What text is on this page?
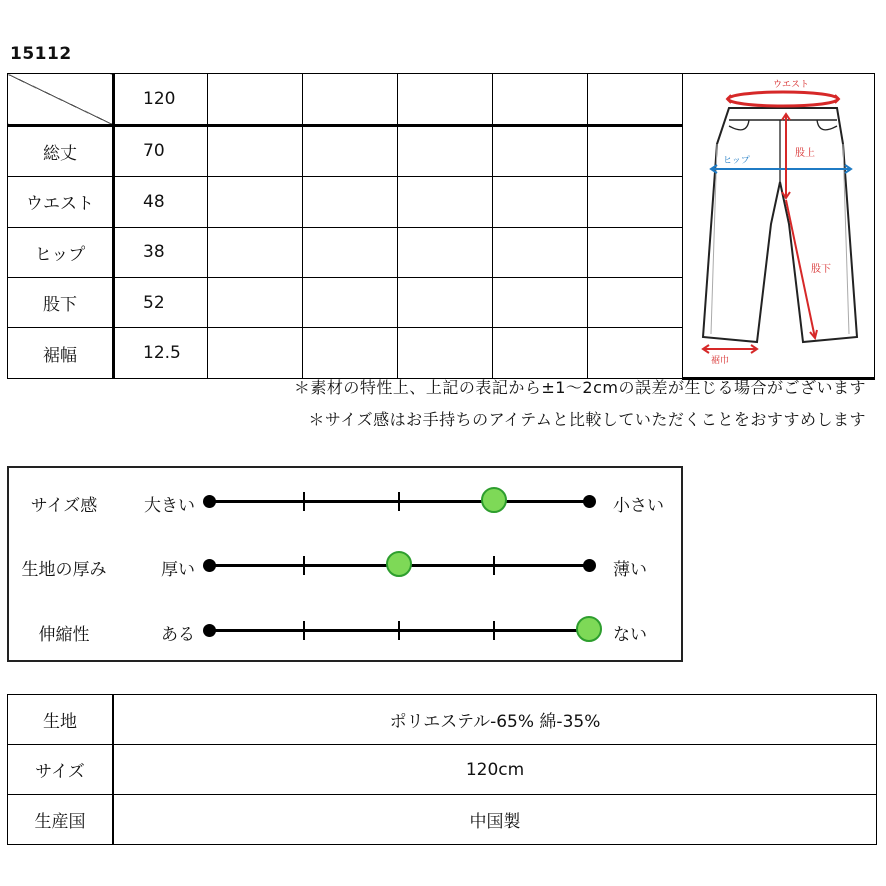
15112
	120						ウエスト
ヒップ
股上
股下
裾巾

総丈	70						
ウエスト	48						
ヒップ	38						
股下	52						
裾幅	12.5						
＊素材の特性上、上記の表記から±1～2cmの誤差が生じる場合がございます
＊サイズ感はお手持ちのアイテムと比較していただくことをおすすめします
サイズ感	大きい	小さい
生地の厚み	厚い	薄い
伸縮性	ある	ない
生地	ポリエステル-65% 綿-35%
サイズ	120cm
生産国	中国製
